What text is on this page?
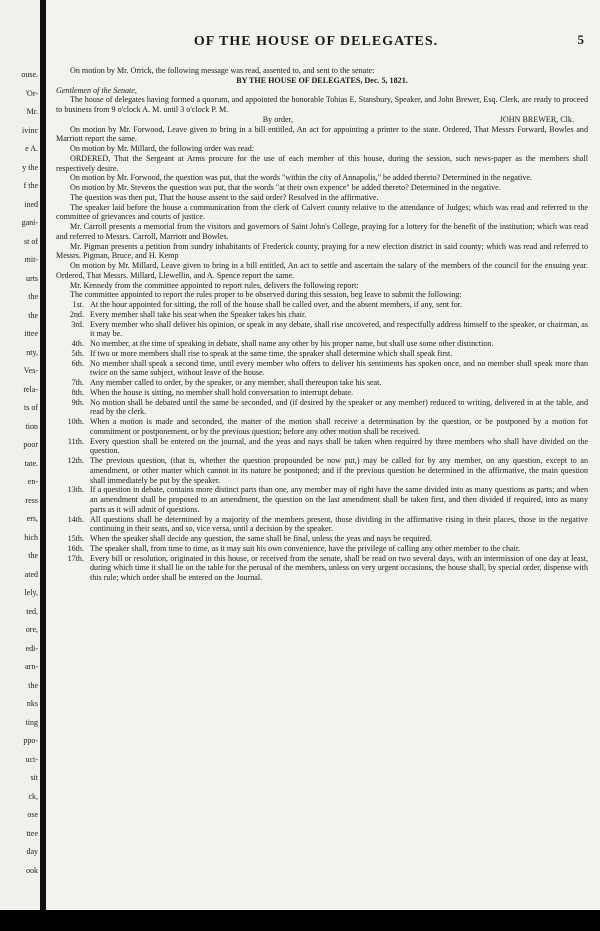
ouse.
'Or-
Mr.
ivinc
e A.
y the
f the
ined
gani-
st of
mit-
urts
the
the
ittee
nty,
Ves-
rela-
ts of
tion
poor
tate.
en-
ress
ers,
hich
the
ated
lely,
ted,
ore,
edi-
arn-
the
nks
ting
ppo-
uct-
sit
ck,
ose
ttee
day
ook
OF THE HOUSE OF DELEGATES.	5

On motion by Mr. Orrick, the following message was read, assented to, and sent to the senate:

BY THE HOUSE OF DELEGATES, Dec. 5, 1821.

Gentlemen of the Senate,

The house of delegates having formed a quorum, and appointed the honorable Tobias E. Stansbury, Speaker, and John Brewer, Esq. Clerk, are ready to proceed to business from 9 o'clock A. M. until 3 o'clock P. M.

By order,	JOHN BREWER, Clk.

On motion by Mr. Forwood, Leave given to bring in a bill entitled, An act for appointing a printer to the state. Ordered, That Messrs Forward, Bowles and Marriott report the same.

On motion by Mr. Millard, the following order was read:

ORDERED, That the Sergeant at Arms procure for the use of each member of this house, during the session, such news-paper as the members shall respectively desire.

On motion by Mr. Forwood, the question was put, that the words "within the city of Annapolis," be added thereto? Determined in the negative.

On motion by Mr. Stevens the question was put, that the words "at their own expence" be added thereto? Determined in the negative.

The question was then put, That the house assent to the said order? Resolved in the affirmative.

The speaker laid before the house a communication from the clerk of Calvert county relative to the attendance of Judges; which was read and referred to the committee of grievances and courts of justice.

Mr. Carroll presents a memorial from the visitors and governors of Saint John's College, praying for a lottery for the benefit of the institution; which was read and referred to Messrs. Carroll, Marriott and Bowles.

Mr. Pigman presents a petition from sundry inhabitants of Frederick county, praying for a new election district in said county; which was read and referred to Messrs. Pigman, Bruce, and H. Kemp

On motion by Mr. Millard, Leave given to bring in a bill entitled, An act to settle and ascertain the salary of the members of the council for the ensuing year. Ordered, That Messrs. Millard, Llewellin, and A. Spence report the same.

Mr. Kennedy from the committee appointed to report rules, delivers the following report:

The committee appointed to report the rules proper to be observed during this session, beg leave to submit the following:

1st. At the hour appointed for sitting, the roll of the house shall be called over, and the absent members, if any, sent for.
2nd. Every member shall take his seat when the Speaker takes his chair.
3rd. Every member who shall deliver his opinion, or speak in any debate, shall rise uncovered, and respectfully address himself to the speaker, or chairman, as it may be.
4th. No member, at the time of speaking in debate, shall name any other by his proper name, but shall use some other distinction.
5th. If two or more members shall rise to speak at the same time, the speaker shall determine which shall speak first.
6th. No member shall speak a second time, until every member who offers to deliver his sentiments has spoken once, and no member shall speak more than twice on the same subject, without leave of the house.
7th. Any member called to order, by the speaker, or any member, shall thereupon take his seat.
8th. When the house is sitting, no member shall hold conversation to interrupt debate.
9th. No motion shall be debated until the same be seconded, and (if desired by the speaker or any member) reduced to writing, delivered in at the table, and read by the clerk.
10th. When a motion is made and seconded, the matter of the motion shall receive a determination by the question, or be postponed by a motion for commitment or postponement, or by the previous question; before any other motion shall be received.
11th. Every question shall be entered on the journal, and the yeas and nays shall be taken when required by three members who shall have divided on the question.
12th. The previous question, (that is, whether the question propounded be now put,) may be called for by any member, on any question, except to an amendment, or other matter which cannot in its nature be postponed; and if the previous question be determined in the affirmative, the main question shall immediately be put by the speaker.
13th. If a question in debate, contains more distinct parts than one, any member may of right have the same divided into as many questions as parts; and when an amendment shall be proposed to an amendment, the question on the last amendment shall be taken first, and then divided if required, into as many parts as it will admit of questions.
14th. All questions shall be determined by a majority of the members present, those dividing in the affirmative rising in their places, those in the negative continuing in their seats, and so, vice versa, until a decision by the speaker.
15th. When the speaker shall decide any question, the same shall be final, unless the yeas and nays be required.
16th. The speaker shall, from time to time, as it may suit his own convenience, have the privilege of calling any other member to the chair.
17th. Every bill or resolution, originated in this house, or received from the senate, shall be read on two several days, with an intermission of one day at least, during which time it shall lie on the table for the perusal of the members, unless on very urgent occasions, the house shall, by special order, dispense with this rule; which order shall be entered on the Journal.
